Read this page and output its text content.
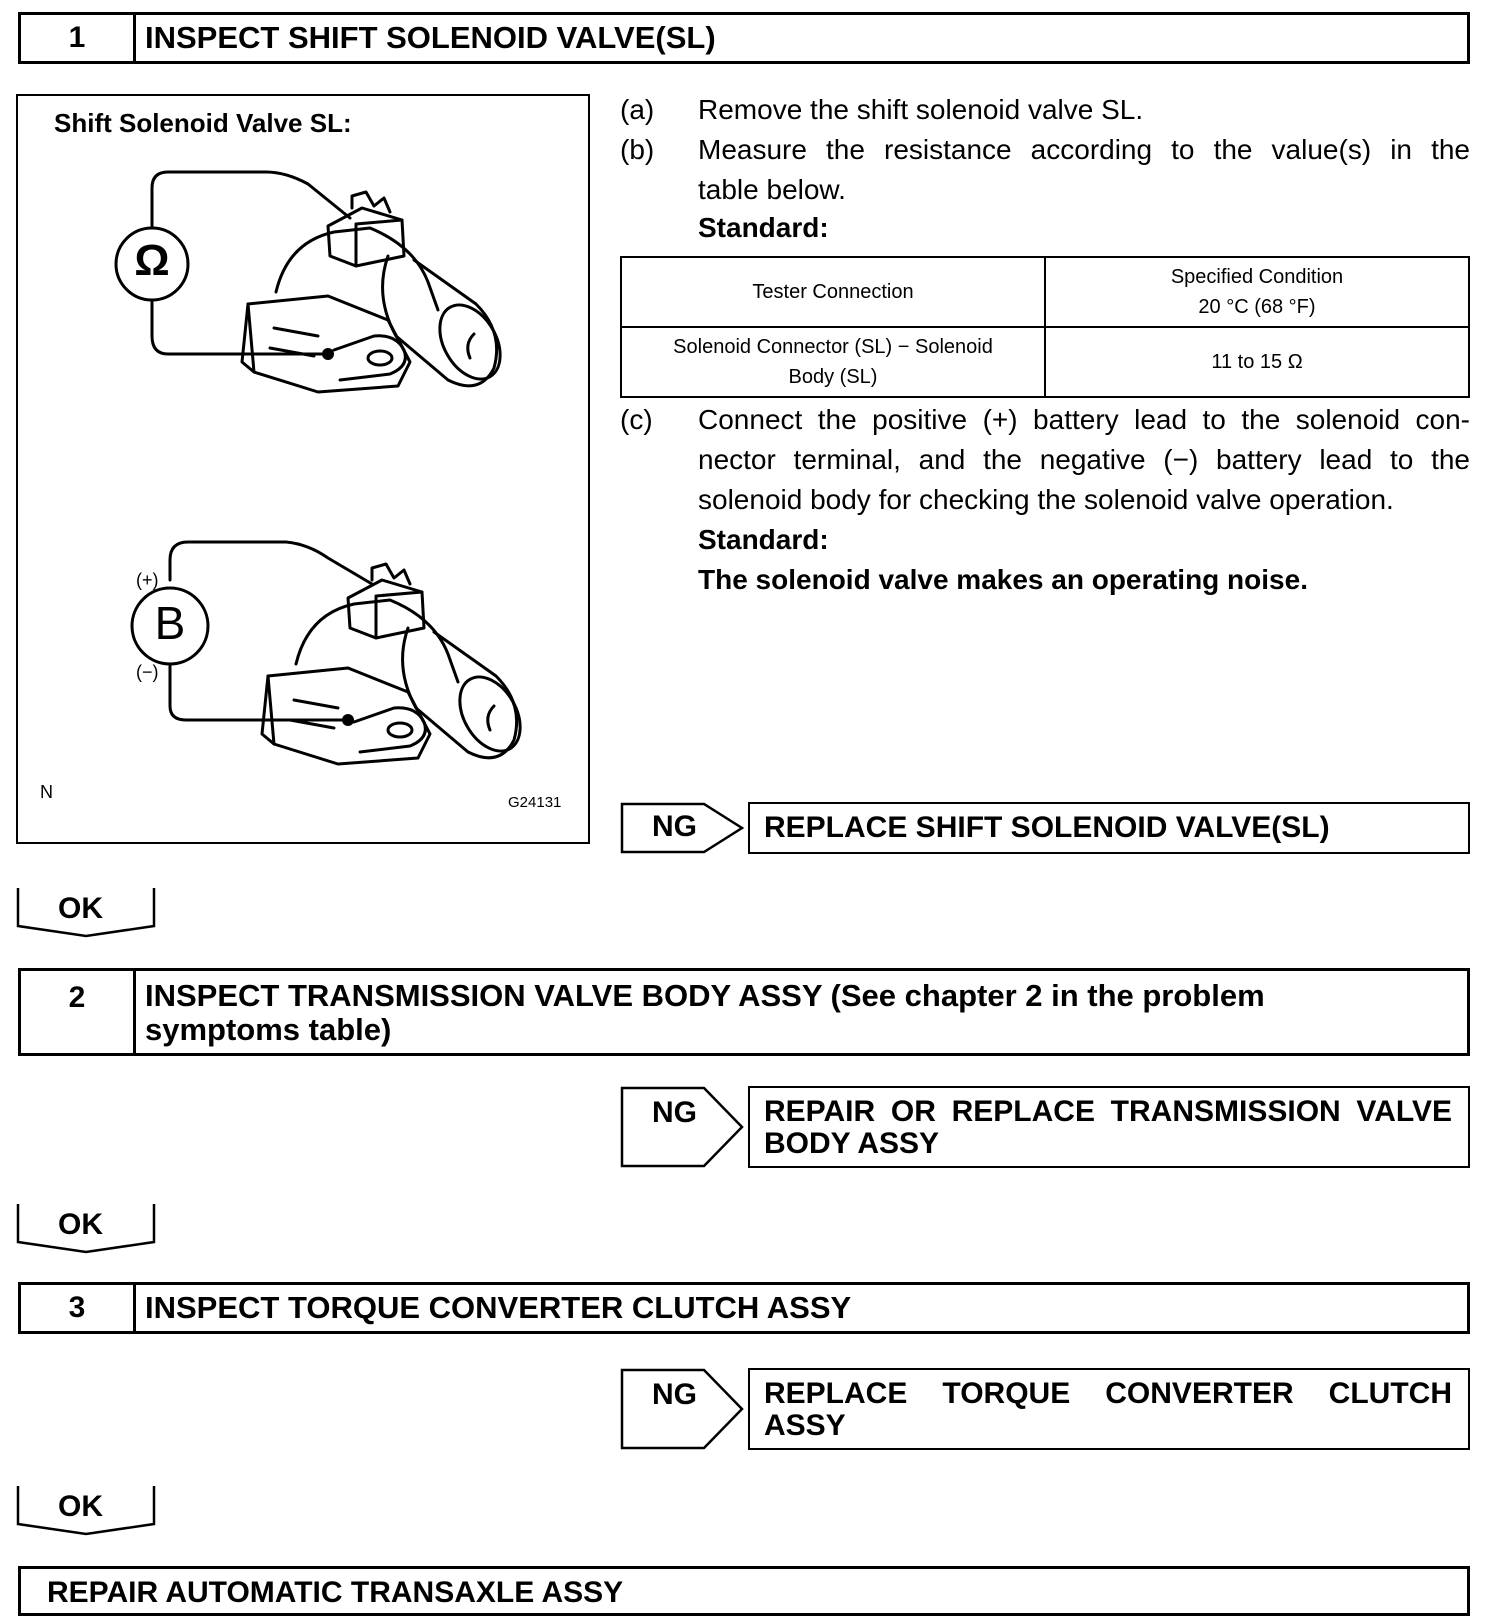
1	INSPECT SHIFT SOLENOID VALVE(SL)
Shift Solenoid Valve SL:
Ω
B
(+)
(−)
N
G24131
(a) Remove the shift solenoid valve SL.
(b) Measure the resistance according to the value(s) in the
table below.
Standard:
Tester Connection	Specified Condition
20 °C (68 °F)

Solenoid Connector (SL) − Solenoid
Body (SL)	11 to 15 Ω
(c) Connect the positive (+) battery lead to the solenoid con-
nector terminal, and the negative (−) battery lead to the
solenoid body for checking the solenoid valve operation.
Standard:
The solenoid valve makes an operating noise.
NG REPLACE SHIFT SOLENOID VALVE(SL)
OK
2	INSPECT TRANSMISSION VALVE BODY ASSY (See chapter 2 in the problem
symptoms table)
NG REPAIR OR REPLACE TRANSMISSION VALVE
BODY ASSY
OK
3	INSPECT TORQUE CONVERTER CLUTCH ASSY
NG REPLACE TORQUE CONVERTER CLUTCH
ASSY
OK
REPAIR AUTOMATIC TRANSAXLE ASSY
